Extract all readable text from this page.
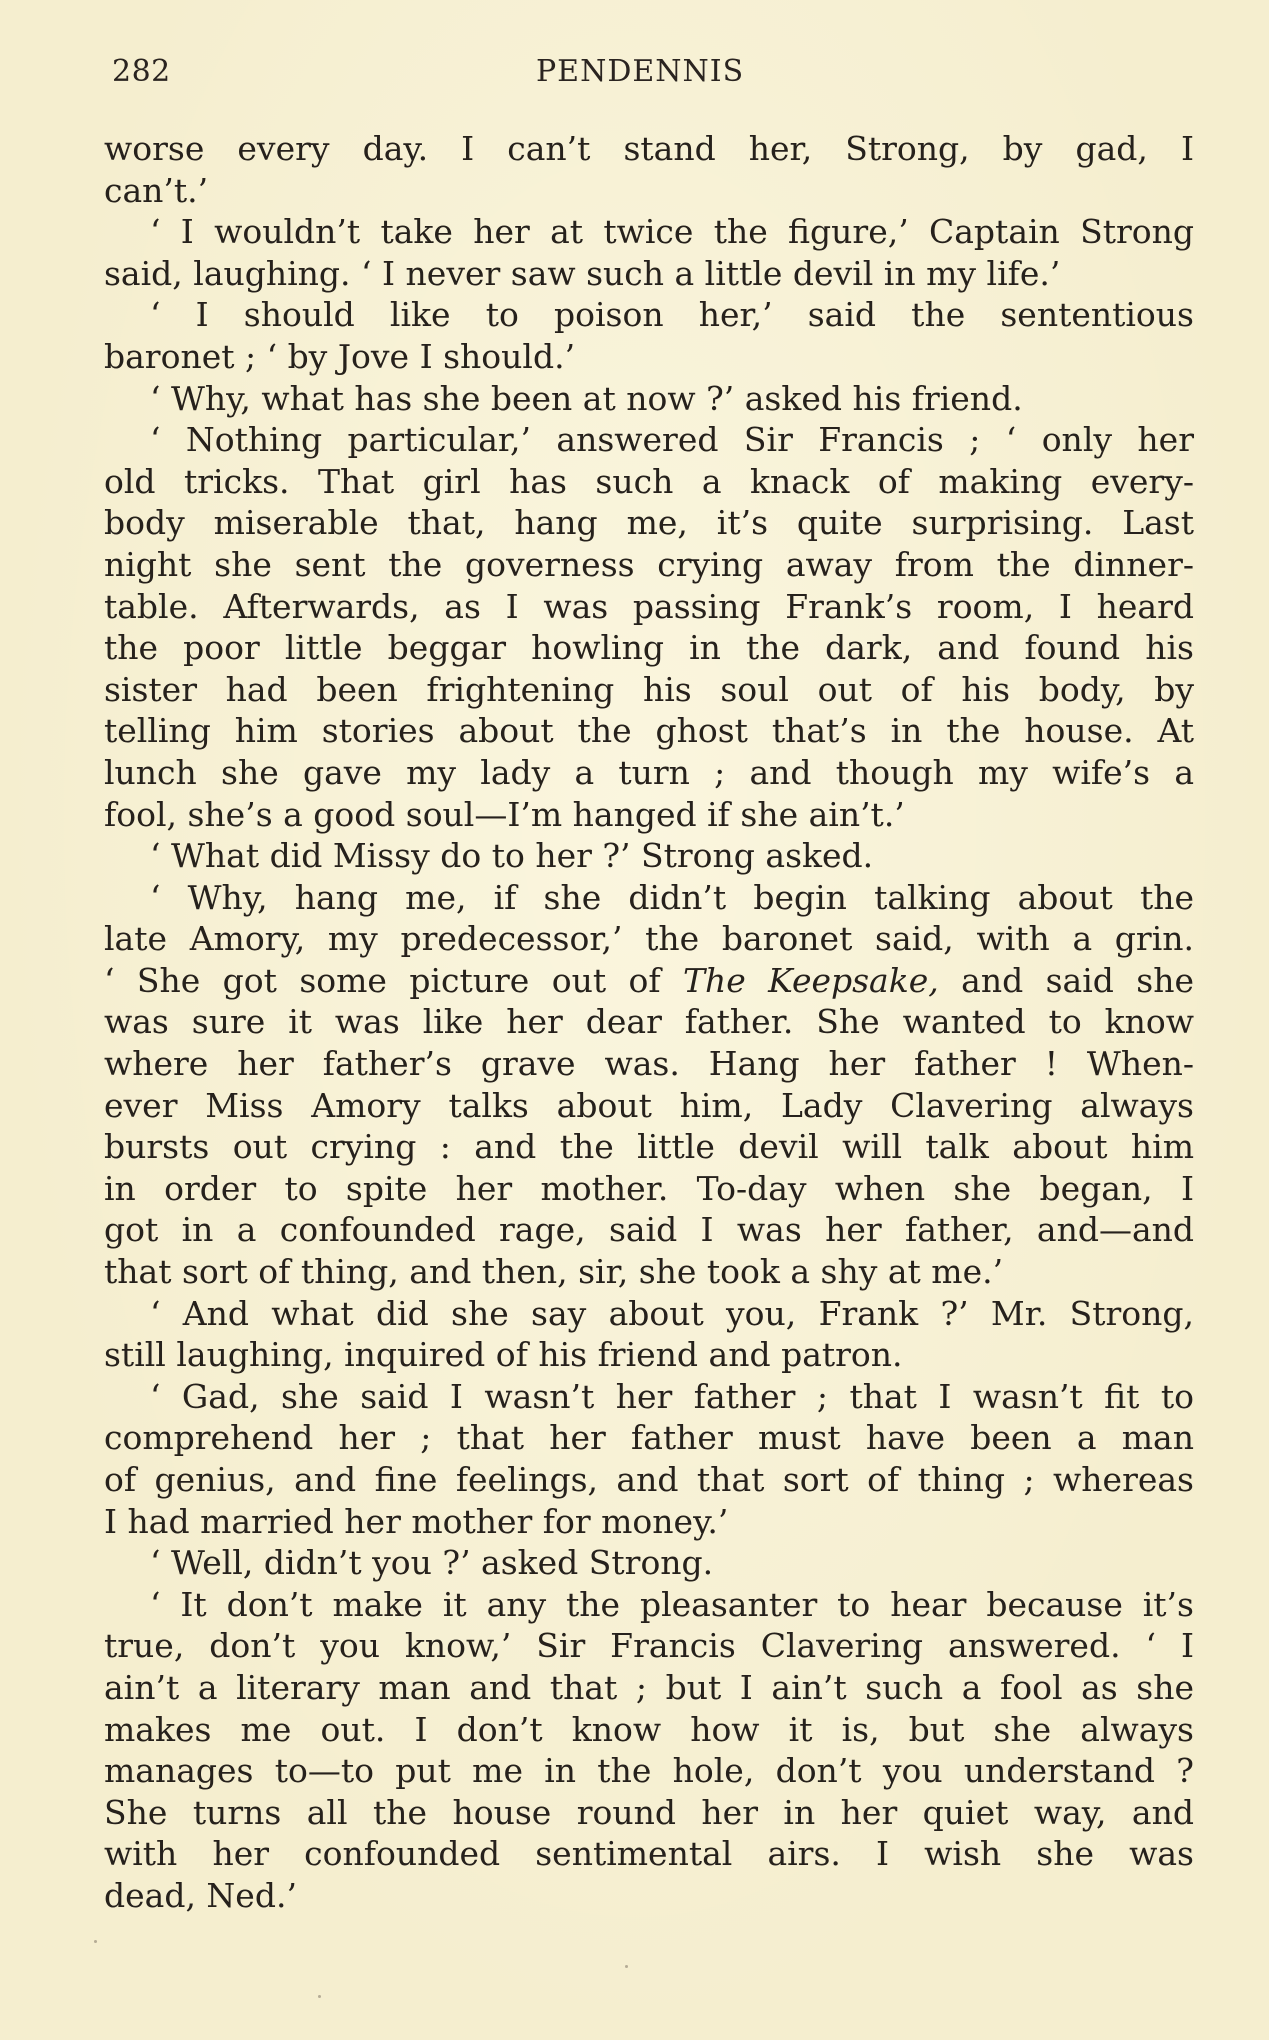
282	PENDENNIS
worse every day. I can’t stand her, Strong, by gad, I
can’t.’
‘ I wouldn’t take her at twice the figure,’ Captain Strong
said, laughing. ‘ I never saw such a little devil in my life.’
‘ I should like to poison her,’ said the sententious
baronet ; ‘ by Jove I should.’
‘ Why, what has she been at now ?’ asked his friend.
‘ Nothing particular,’ answered Sir Francis ; ‘ only her
old tricks. That girl has such a knack of making every-
body miserable that, hang me, it’s quite surprising. Last
night she sent the governess crying away from the dinner-
table. Afterwards, as I was passing Frank’s room, I heard
the poor little beggar howling in the dark, and found his
sister had been frightening his soul out of his body, by
telling him stories about the ghost that’s in the house. At
lunch she gave my lady a turn ; and though my wife’s a
fool, she’s a good soul—I’m hanged if she ain’t.’
‘ What did Missy do to her ?’ Strong asked.
‘ Why, hang me, if she didn’t begin talking about the
late Amory, my predecessor,’ the baronet said, with a grin.
‘ She got some picture out of The Keepsake, and said she
was sure it was like her dear father. She wanted to know
where her father’s grave was. Hang her father ! When-
ever Miss Amory talks about him, Lady Clavering always
bursts out crying : and the little devil will talk about him
in order to spite her mother. To-day when she began, I
got in a confounded rage, said I was her father, and—and
that sort of thing, and then, sir, she took a shy at me.’
‘ And what did she say about you, Frank ?’ Mr. Strong,
still laughing, inquired of his friend and patron.
‘ Gad, she said I wasn’t her father ; that I wasn’t fit to
comprehend her ; that her father must have been a man
of genius, and fine feelings, and that sort of thing ; whereas
I had married her mother for money.’
‘ Well, didn’t you ?’ asked Strong.
‘ It don’t make it any the pleasanter to hear because it’s
true, don’t you know,’ Sir Francis Clavering answered. ‘ I
ain’t a literary man and that ; but I ain’t such a fool as she
makes me out. I don’t know how it is, but she always
manages to—to put me in the hole, don’t you understand ?
She turns all the house round her in her quiet way, and
with her confounded sentimental airs. I wish she was
dead, Ned.’
